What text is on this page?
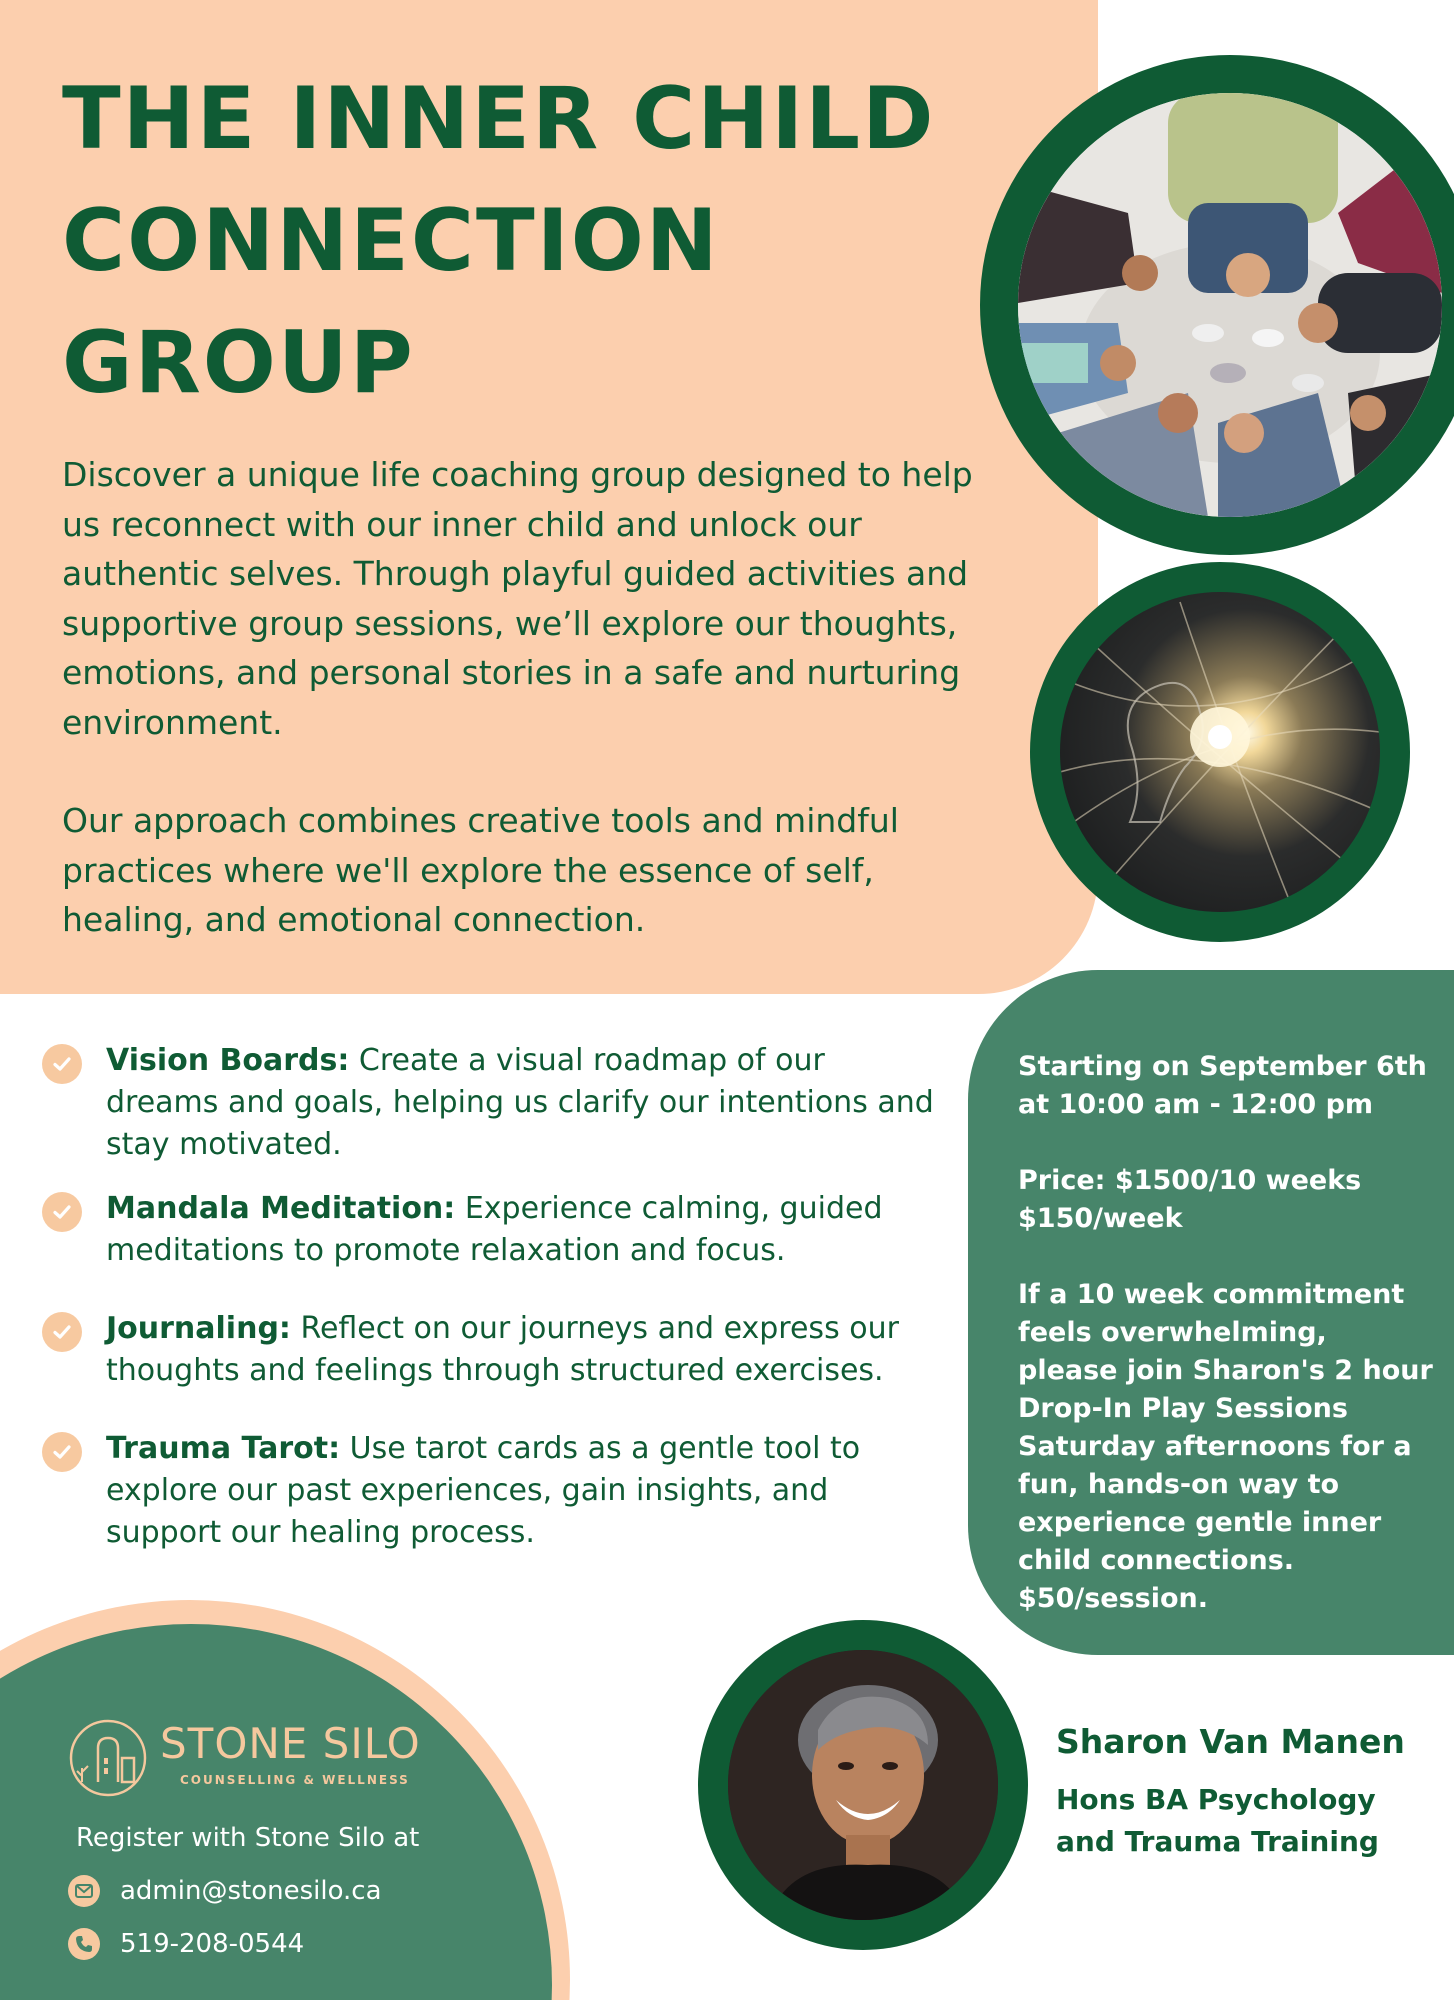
THE INNER CHILD
CONNECTION
GROUP

Discover a unique life coaching group designed to help us reconnect with our inner child and unlock our authentic selves. Through playful guided activities and supportive group sessions, we’ll explore our thoughts, emotions, and personal stories in a safe and nurturing environment.

Our approach combines creative tools and mindful practices where we'll explore the essence of self, healing, and emotional connection.

Vision Boards: Create a visual roadmap of our dreams and goals, helping us clarify our intentions and stay motivated.
Mandala Meditation: Experience calming, guided meditations to promote relaxation and focus.
Journaling: Reflect on our journeys and express our thoughts and feelings through structured exercises.
Trauma Tarot: Use tarot cards as a gentle tool to explore our past experiences, gain insights, and support our healing process.

Starting on September 6th at 10:00 am - 12:00 pm

Price: $1500/10 weeks $150/week

If a 10 week commitment feels overwhelming, please join Sharon's 2 hour Drop-In Play Sessions Saturday afternoons for a fun, hands-on way to experience gentle inner child connections. $50/session.

STONE SILO
COUNSELLING & WELLNESS
Register with Stone Silo at
admin@stonesilo.ca
519-208-0544
Sharon Van Manen
Hons BA Psychology and Trauma Training
